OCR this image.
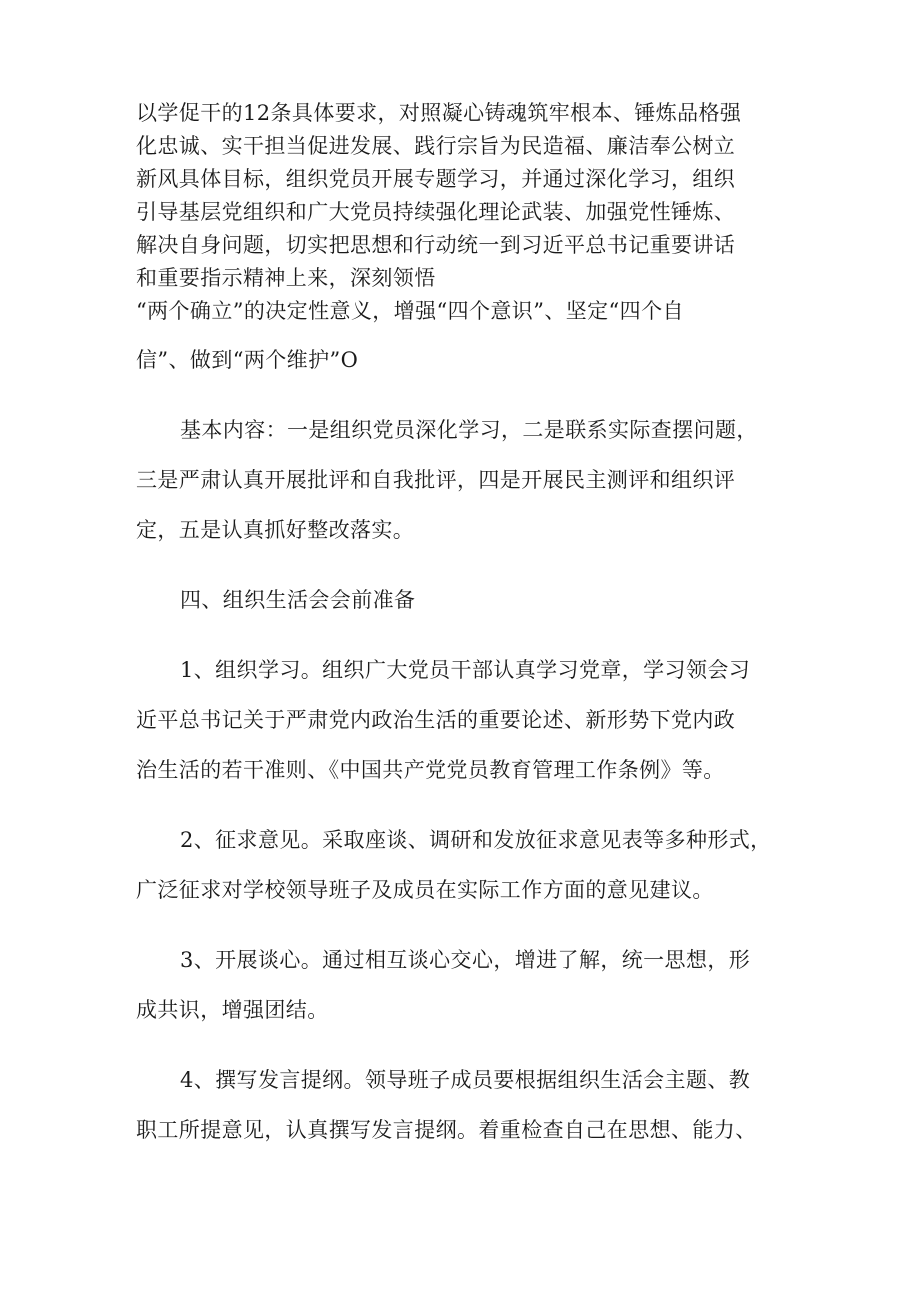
以学促干的12条具体要求，对照凝心铸魂筑牢根本、锤炼品格强
化忠诚、实干担当促进发展、践行宗旨为民造福、廉洁奉公树立
新风具体目标，组织党员开展专题学习，并通过深化学习，组织
引导基层党组织和广大党员持续强化理论武装、加强党性锤炼、
解决自身问题，切实把思想和行动统一到习近平总书记重要讲话
和重要指示精神上来，深刻领悟
“两个确立”的决定性意义，增强“四个意识”、坚定“四个自
信”、做到“两个维护”O
基本内容：一是组织党员深化学习，二是联系实际查摆问题，
三是严肃认真开展批评和自我批评，四是开展民主测评和组织评
定，五是认真抓好整改落实。
四、组织生活会会前准备
1、组织学习。组织广大党员干部认真学习党章，学习领会习
近平总书记关于严肃党内政治生活的重要论述、新形势下党内政
治生活的若干准则、《中国共产党党员教育管理工作条例》等。
2、征求意见。采取座谈、调研和发放征求意见表等多种形式，
广泛征求对学校领导班子及成员在实际工作方面的意见建议。
3、开展谈心。通过相互谈心交心，增进了解，统一思想，形
成共识，增强团结。
4、撰写发言提纲。领导班子成员要根据组织生活会主题、教
职工所提意见，认真撰写发言提纲。着重检查自己在思想、能力、
